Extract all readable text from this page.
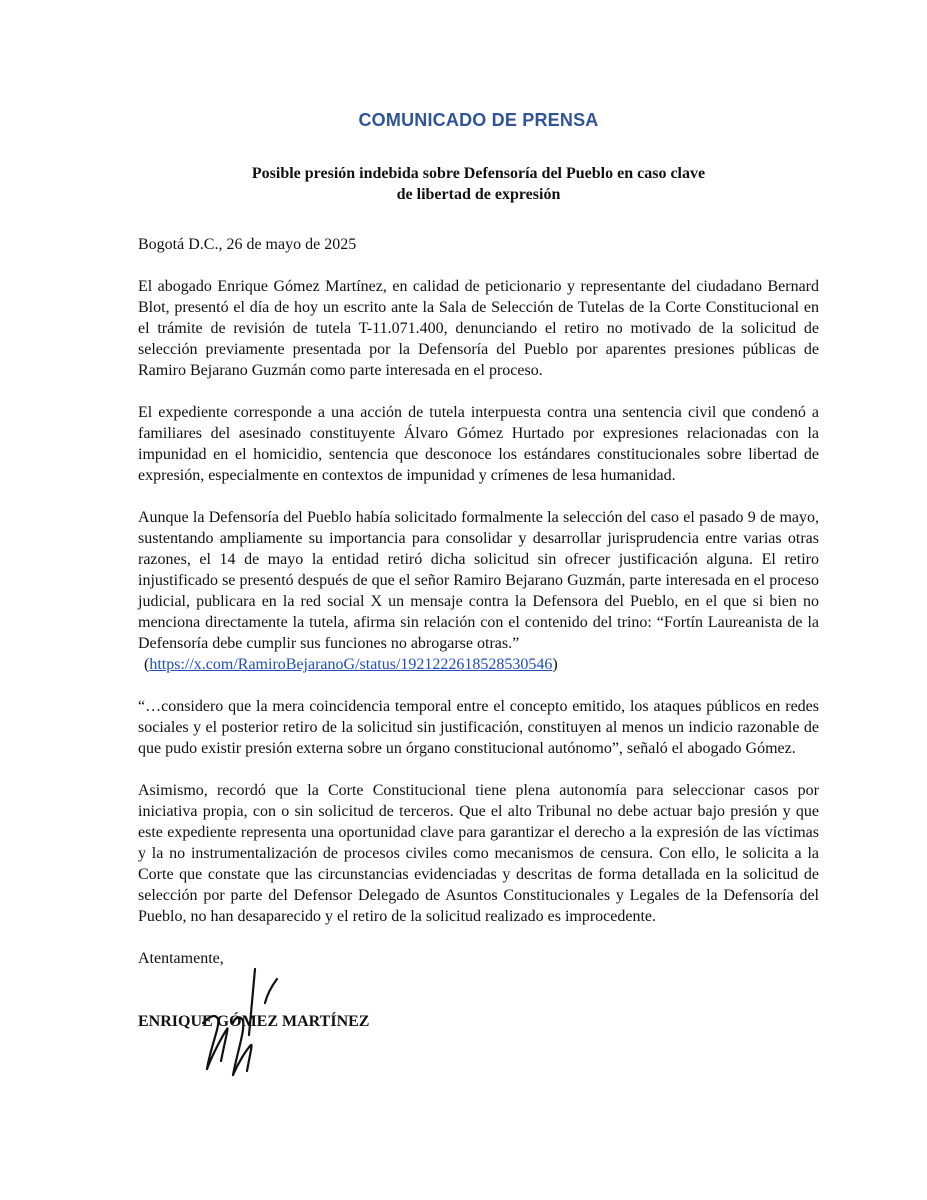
COMUNICADO DE PRENSA
Posible presión indebida sobre Defensoría del Pueblo en caso clave
de libertad de expresión
Bogotá D.C., 26 de mayo de 2025

El abogado Enrique Gómez Martínez, en calidad de peticionario y representante del ciudadano Bernard Blot, presentó el día de hoy un escrito ante la Sala de Selección de Tutelas de la Corte Constitucional en el trámite de revisión de tutela T-11.071.400, denunciando el retiro no motivado de la solicitud de selección previamente presentada por la Defensoría del Pueblo por aparentes presiones públicas de Ramiro Bejarano Guzmán como parte interesada en el proceso.

El expediente corresponde a una acción de tutela interpuesta contra una sentencia civil que condenó a familiares del asesinado constituyente Álvaro Gómez Hurtado por expresiones relacionadas con la impunidad en el homicidio, sentencia que desconoce los estándares constitucionales sobre libertad de expresión, especialmente en contextos de impunidad y crímenes de lesa humanidad.

Aunque la Defensoría del Pueblo había solicitado formalmente la selección del caso el pasado 9 de mayo, sustentando ampliamente su importancia para consolidar y desarrollar jurisprudencia entre varias otras razones, el 14 de mayo la entidad retiró dicha solicitud sin ofrecer justificación alguna. El retiro injustificado se presentó después de que el señor Ramiro Bejarano Guzmán, parte interesada en el proceso judicial, publicara en la red social X un mensaje contra la Defensora del Pueblo, en el que si bien no menciona directamente la tutela, afirma sin relación con el contenido del trino: “Fortín Laureanista de la Defensoría debe cumplir sus funciones no abrogarse otras.”
(https://x.com/RamiroBejaranoG/status/1921222618528530546)

“…considero que la mera coincidencia temporal entre el concepto emitido, los ataques públicos en redes sociales y el posterior retiro de la solicitud sin justificación, constituyen al menos un indicio razonable de que pudo existir presión externa sobre un órgano constitucional autónomo”, señaló el abogado Gómez.

Asimismo, recordó que la Corte Constitucional tiene plena autonomía para seleccionar casos por iniciativa propia, con o sin solicitud de terceros. Que el alto Tribunal no debe actuar bajo presión y que este expediente representa una oportunidad clave para garantizar el derecho a la expresión de las víctimas y la no instrumentalización de procesos civiles como mecanismos de censura. Con ello, le solicita a la Corte que constate que las circunstancias evidenciadas y descritas de forma detallada en la solicitud de selección por parte del Defensor Delegado de Asuntos Constitucionales y Legales de la Defensoría del Pueblo, no han desaparecido y el retiro de la solicitud realizado es improcedente.

Atentamente,
ENRIQUE GÓMEZ MARTÍNEZ
